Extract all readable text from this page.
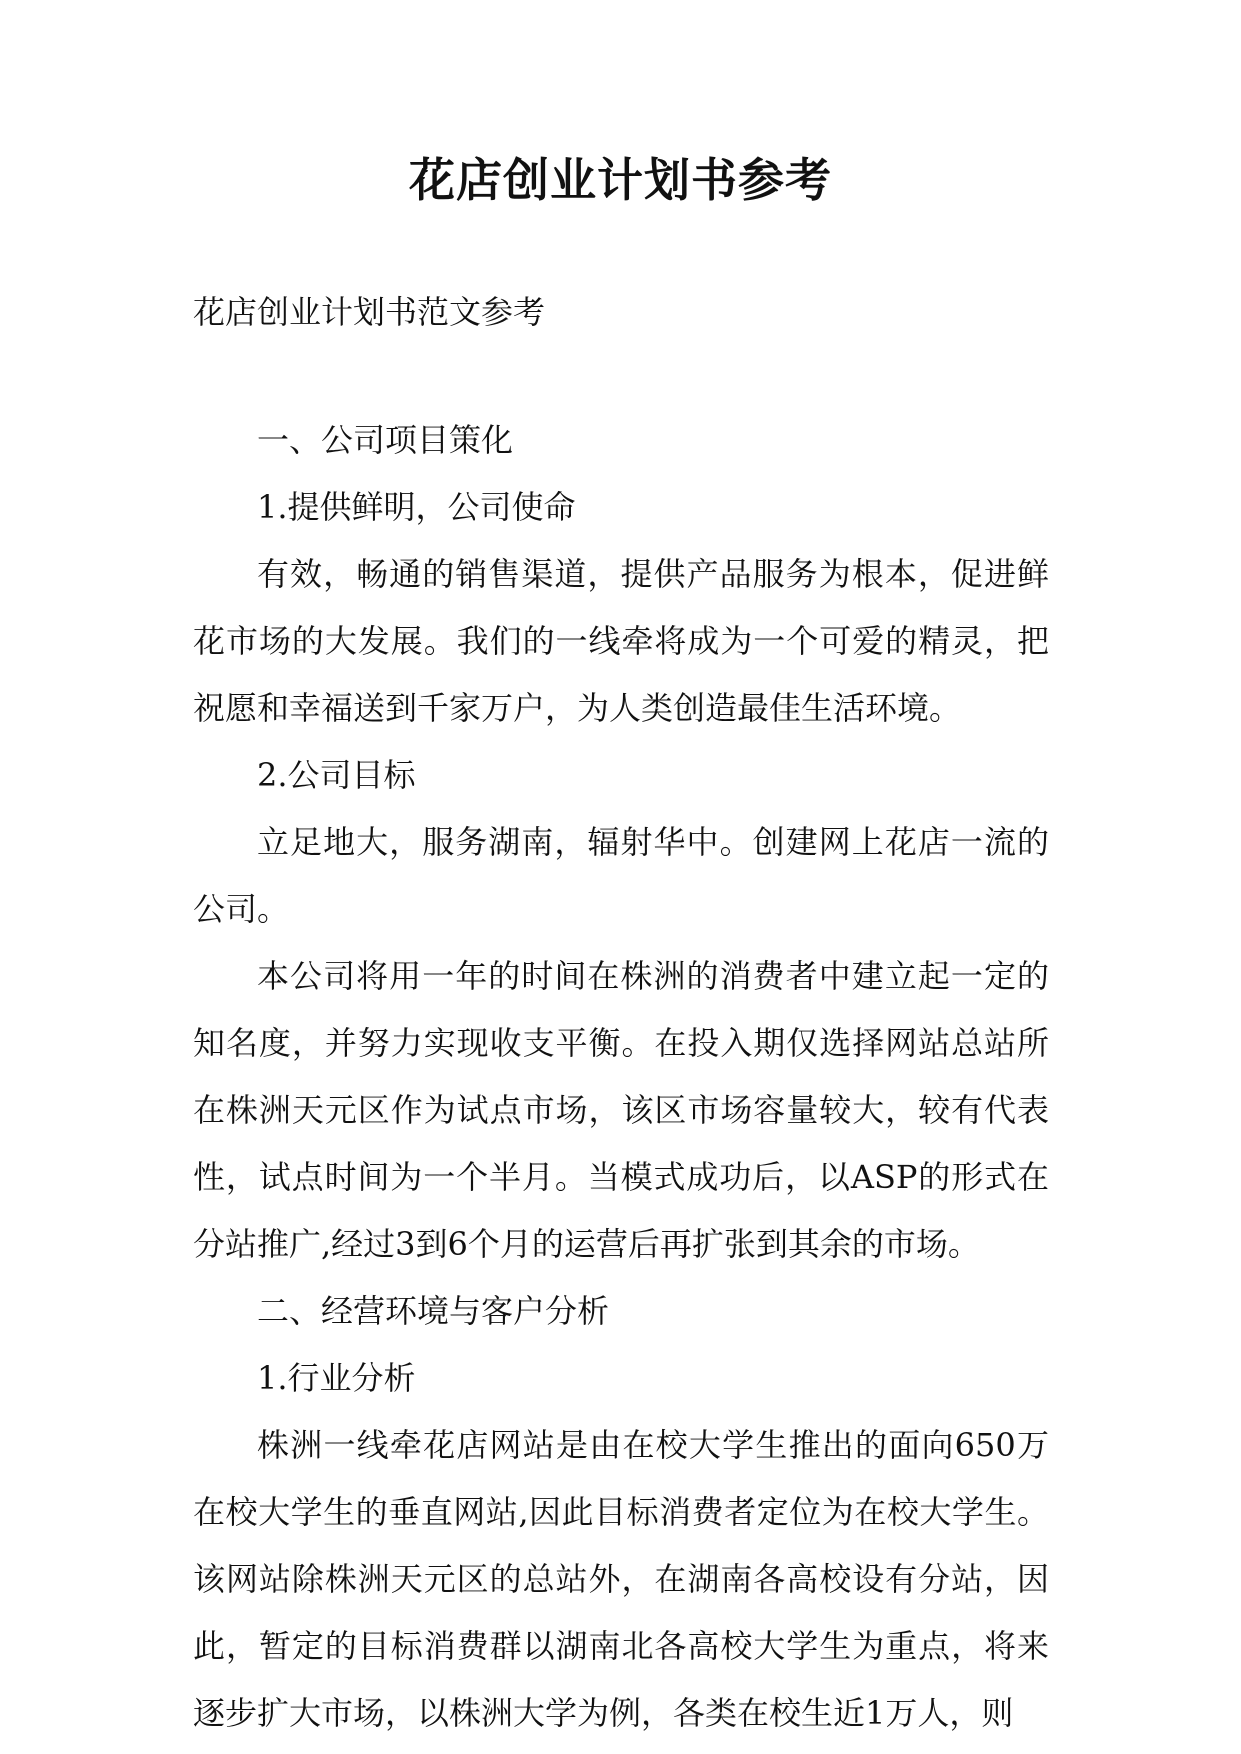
花店创业计划书参考
花店创业计划书范文参考

一、公司项目策化

1.提供鲜明，公司使命

有效，畅通的销售渠道，提供产品服务为根本，促进鲜花市场的大发展。我们的一线牵将成为一个可爱的精灵，把祝愿和幸福送到千家万户，为人类创造最佳生活环境。

2.公司目标

立足地大，服务湖南，辐射华中。创建网上花店一流的公司。

本公司将用一年的时间在株洲的消费者中建立起一定的知名度，并努力实现收支平衡。在投入期仅选择网站总站所在株洲天元区作为试点市场，该区市场容量较大，较有代表性，试点时间为一个半月。当模式成功后，以ASP的形式在分站推广,经过3到6个月的运营后再扩张到其余的市场。

二、经营环境与客户分析

1.行业分析

株洲一线牵花店网站是由在校大学生推出的面向650万在校大学生的垂直网站,因此目标消费者定位为在校大学生。该网站除株洲天元区的总站外，在湖南各高校设有分站，因此，暂定的目标消费群以湖南北各高校大学生为重点，将来逐步扩大市场，以株洲大学为例，各类在校生近1万人，则
